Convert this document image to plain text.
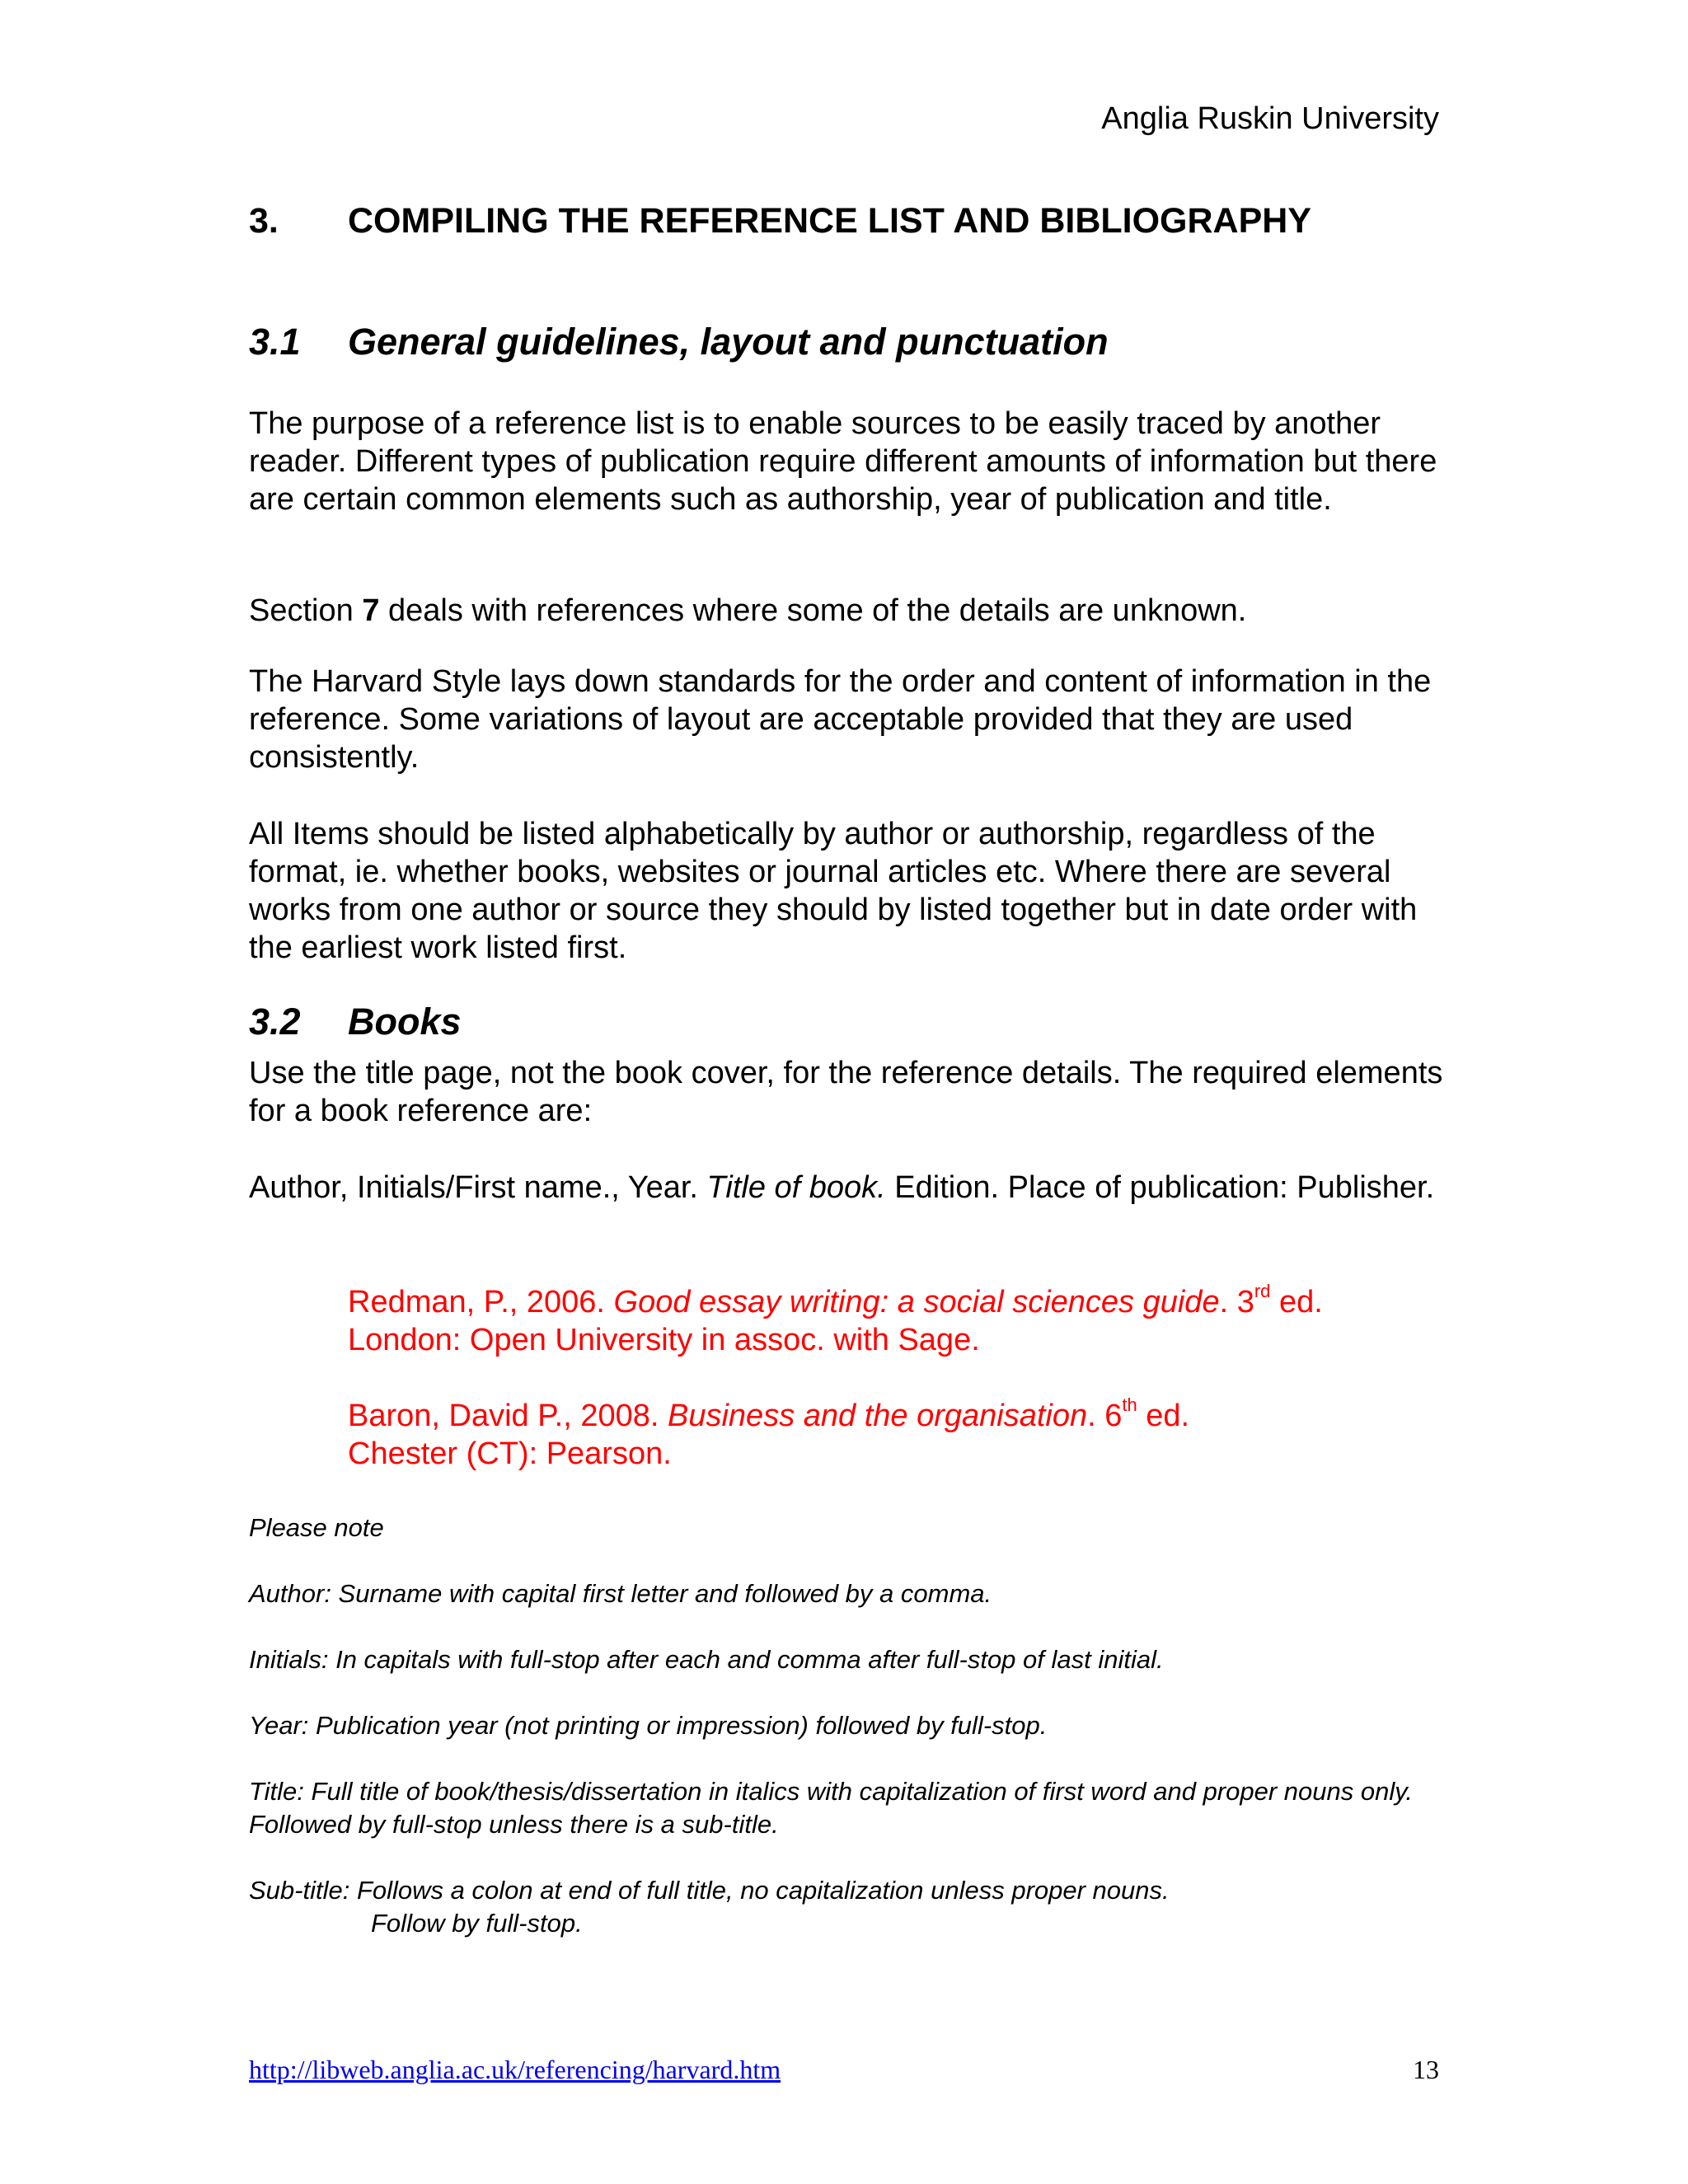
Anglia Ruskin University
3. COMPILING THE REFERENCE LIST AND BIBLIOGRAPHY
3.1 General guidelines, layout and punctuation

The purpose of a reference list is to enable sources to be easily traced by another reader. Different types of publication require different amounts of information but there are certain common elements such as authorship, year of publication and title.

Section 7 deals with references where some of the details are unknown.

The Harvard Style lays down standards for the order and content of information in the reference. Some variations of layout are acceptable provided that they are used consistently.

All Items should be listed alphabetically by author or authorship, regardless of the format, ie. whether books, websites or journal articles etc. Where there are several works from one author or source they should by listed together but in date order with the earliest work listed first.

3.2 Books

Use the title page, not the book cover, for the reference details. The required elements for a book reference are:

Author, Initials/First name., Year. Title of book. Edition. Place of publication: Publisher.

Redman, P., 2006. Good essay writing: a social sciences guide. 3rd ed.
London: Open University in assoc. with Sage.
Baron, David P., 2008. Business and the organisation. 6th ed.
Chester (CT): Pearson.
Please note
Author: Surname with capital first letter and followed by a comma.
Initials: In capitals with full-stop after each and comma after full-stop of last initial.
Year: Publication year (not printing or impression) followed by full-stop.
Title: Full title of book/thesis/dissertation in italics with capitalization of first word and proper nouns only. Followed by full-stop unless there is a sub-title.
Sub-title: Follows a colon at end of full title, no capitalization unless proper nouns.
Follow by full-stop.
http://libweb.anglia.ac.uk/referencing/harvard.htm	13
